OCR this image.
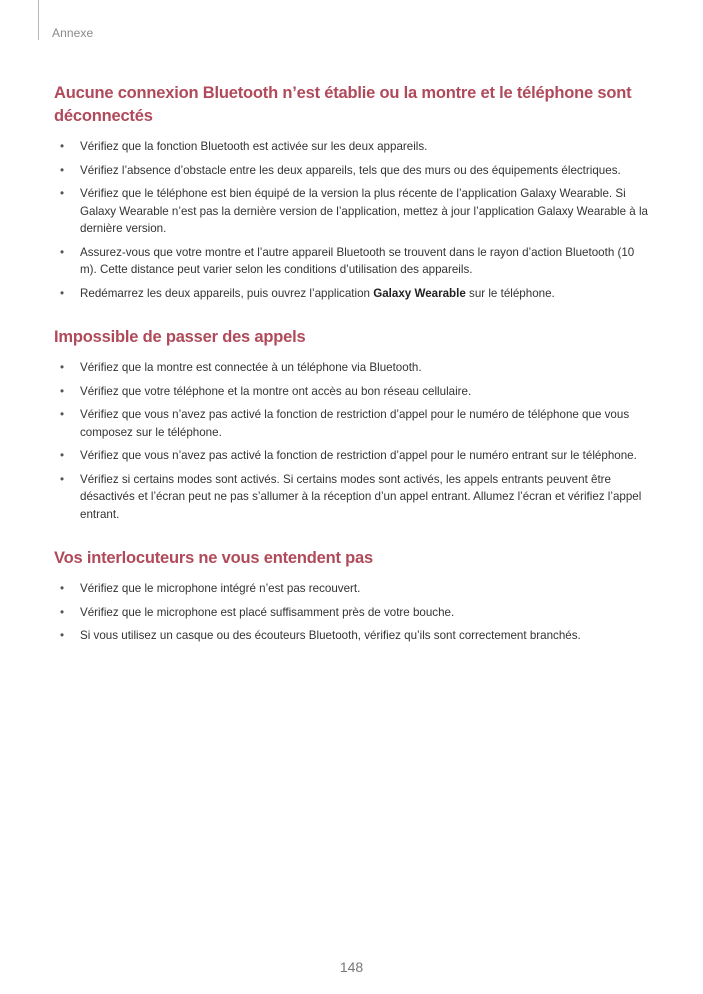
Annexe
Aucune connexion Bluetooth n’est établie ou la montre et le téléphone sont déconnectés
• Vérifiez que la fonction Bluetooth est activée sur les deux appareils.
• Vérifiez l’absence d’obstacle entre les deux appareils, tels que des murs ou des équipements électriques.
• Vérifiez que le téléphone est bien équipé de la version la plus récente de l’application Galaxy Wearable. Si Galaxy Wearable n’est pas la dernière version de l’application, mettez à jour l’application Galaxy Wearable à la dernière version.
• Assurez-vous que votre montre et l’autre appareil Bluetooth se trouvent dans le rayon d’action Bluetooth (10 m). Cette distance peut varier selon les conditions d’utilisation des appareils.
• Redémarrez les deux appareils, puis ouvrez l’application Galaxy Wearable sur le téléphone.
Impossible de passer des appels
• Vérifiez que la montre est connectée à un téléphone via Bluetooth.
• Vérifiez que votre téléphone et la montre ont accès au bon réseau cellulaire.
• Vérifiez que vous n’avez pas activé la fonction de restriction d’appel pour le numéro de téléphone que vous composez sur le téléphone.
• Vérifiez que vous n’avez pas activé la fonction de restriction d’appel pour le numéro entrant sur le téléphone.
• Vérifiez si certains modes sont activés. Si certains modes sont activés, les appels entrants peuvent être désactivés et l’écran peut ne pas s’allumer à la réception d’un appel entrant. Allumez l’écran et vérifiez l’appel entrant.
Vos interlocuteurs ne vous entendent pas
• Vérifiez que le microphone intégré n’est pas recouvert.
• Vérifiez que le microphone est placé suffisamment près de votre bouche.
• Si vous utilisez un casque ou des écouteurs Bluetooth, vérifiez qu’ils sont correctement branchés.
148
